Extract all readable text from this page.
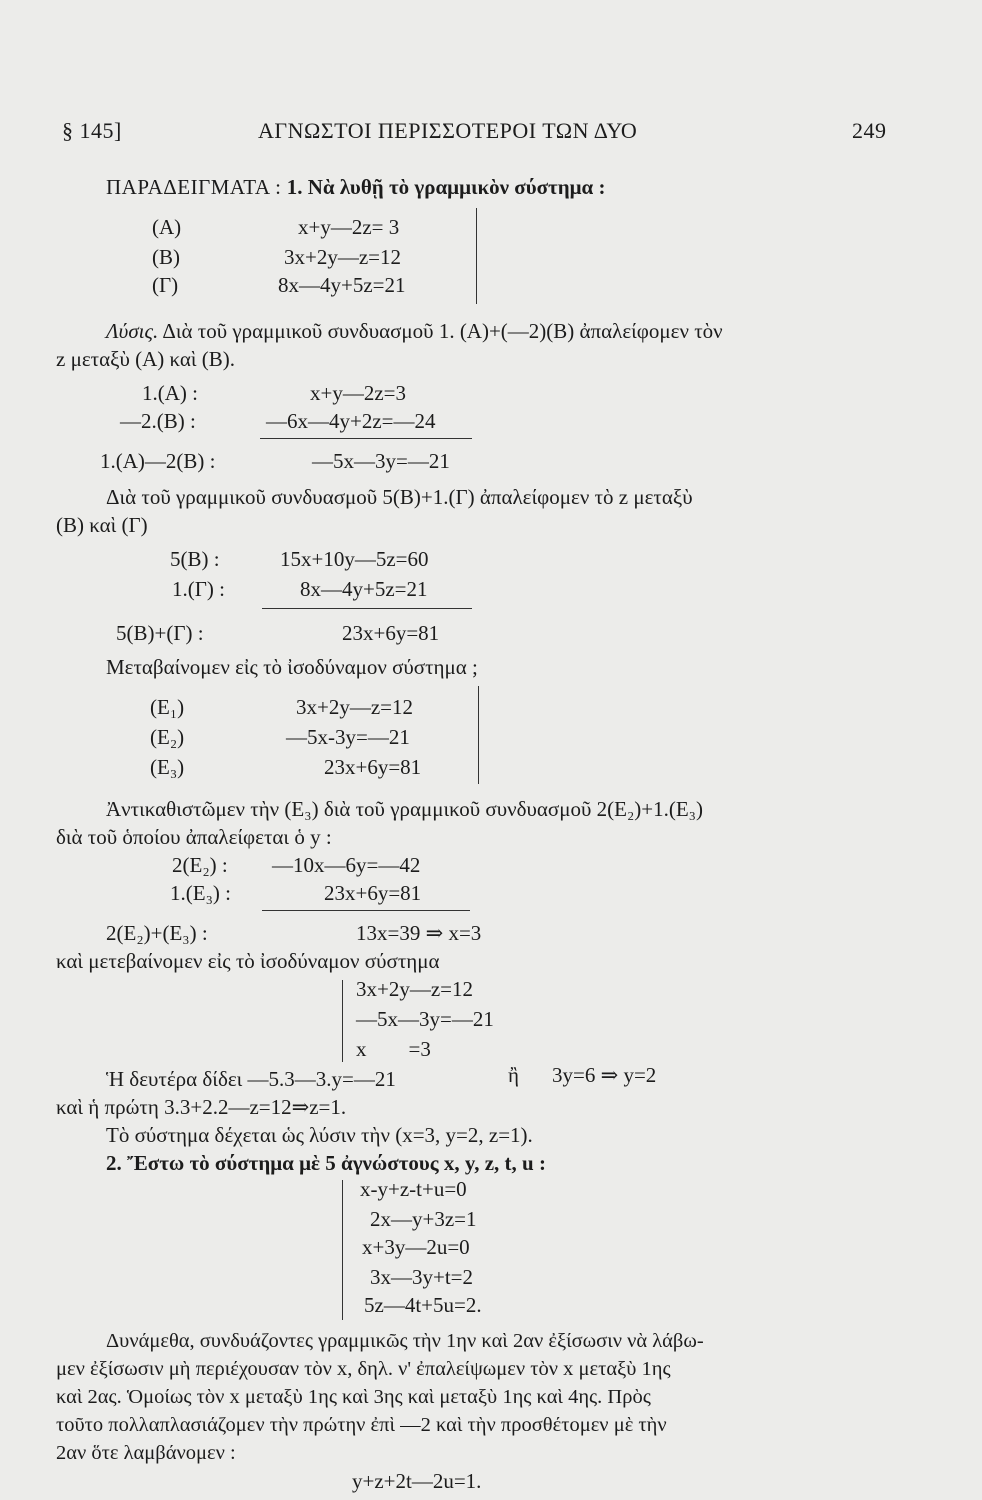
§ 145]	ΑΓΝΩΣΤΟΙ ΠΕΡΙΣΣΟΤΕΡΟΙ ΤΩΝ ΔΥΟ	249
ΠΑΡΑΔΕΙΓΜΑΤΑ : 1. Νὰ λυθῇ τὸ γραμμικὸν σύστημα :
(Α)	x+y—2z= 3
(Β)	3x+2y—z=12
(Γ)	8x—4y+5z=21
Λύσις. Διὰ τοῦ γραμμικοῦ συνδυασμοῦ 1. (Α)+(—2)(Β) ἀπαλείφομεν τὸν
z μεταξὺ (Α) καὶ (Β).
1.(Α) :	x+y—2z=3
—2.(Β) :	—6x—4y+2z=—24
1.(Α)—2(Β) :	—5x—3y=—21
Διὰ τοῦ γραμμικοῦ συνδυασμοῦ 5(Β)+1.(Γ) ἀπαλείφομεν τὸ z μεταξὺ
(Β) καὶ (Γ)
5(Β) :	15x+10y—5z=60
1.(Γ) :	8x—4y+5z=21
5(Β)+(Γ) :	23x+6y=81
Μεταβαίνομεν εἰς τὸ ἰσοδύναμον σύστημα ;
(Ε₁)	3x+2y—z=12
(Ε₂)	—5x-3y=—21
(Ε₃)	23x+6y=81
Ἀντικαθιστῶμεν τὴν (Ε₃) διὰ τοῦ γραμμικοῦ συνδυασμοῦ 2(Ε₂)+1.(Ε₃)
διὰ τοῦ ὁποίου ἀπαλείφεται ὁ y :
2(Ε₂) : —10x—6y=—42
1.(Ε₃) :	23x+6y=81
2(Ε₂)+(Ε₃) :	13x=39 ⇒ x=3
καὶ μετεβαίνομεν εἰς τὸ ἰσοδύναμον σύστημα
3x+2y—z=12
—5x—3y=—21
x        =3
Ἡ δευτέρα δίδει —5.3—3.y=—21	ἢ 3y=6 ⇒ y=2
καὶ ἡ πρώτη 3.3+2.2—z=12⇒z=1.
Τὸ σύστημα δέχεται ὡς λύσιν τὴν (x=3, y=2, z=1).
2. Ἔστω τὸ σύστημα μὲ 5 ἀγνώστους x, y, z, t, u :
x-y+z-t+u=0
2x—y+3z=1
x+3y—2u=0
3x—3y+t=2
5z—4t+5u=2.
Δυνάμεθα, συνδυάζοντες γραμμικῶς τὴν 1ην καὶ 2αν ἐξίσωσιν νὰ λάβω-
μεν ἐξίσωσιν μὴ περιέχουσαν τὸν x, δηλ. ν' ἐπαλείψωμεν τὸν x μεταξὺ 1ης
καὶ 2ας. Ὁμοίως τὸν x μεταξὺ 1ης καὶ 3ης καὶ μεταξὺ 1ης καὶ 4ης. Πρὸς
τοῦτο πολλαπλασιάζομεν τὴν πρώτην ἐπὶ —2 καὶ τὴν προσθέτομεν μὲ τὴν
2αν ὅτε λαμβάνομεν :
y+z+2t—2u=1.
